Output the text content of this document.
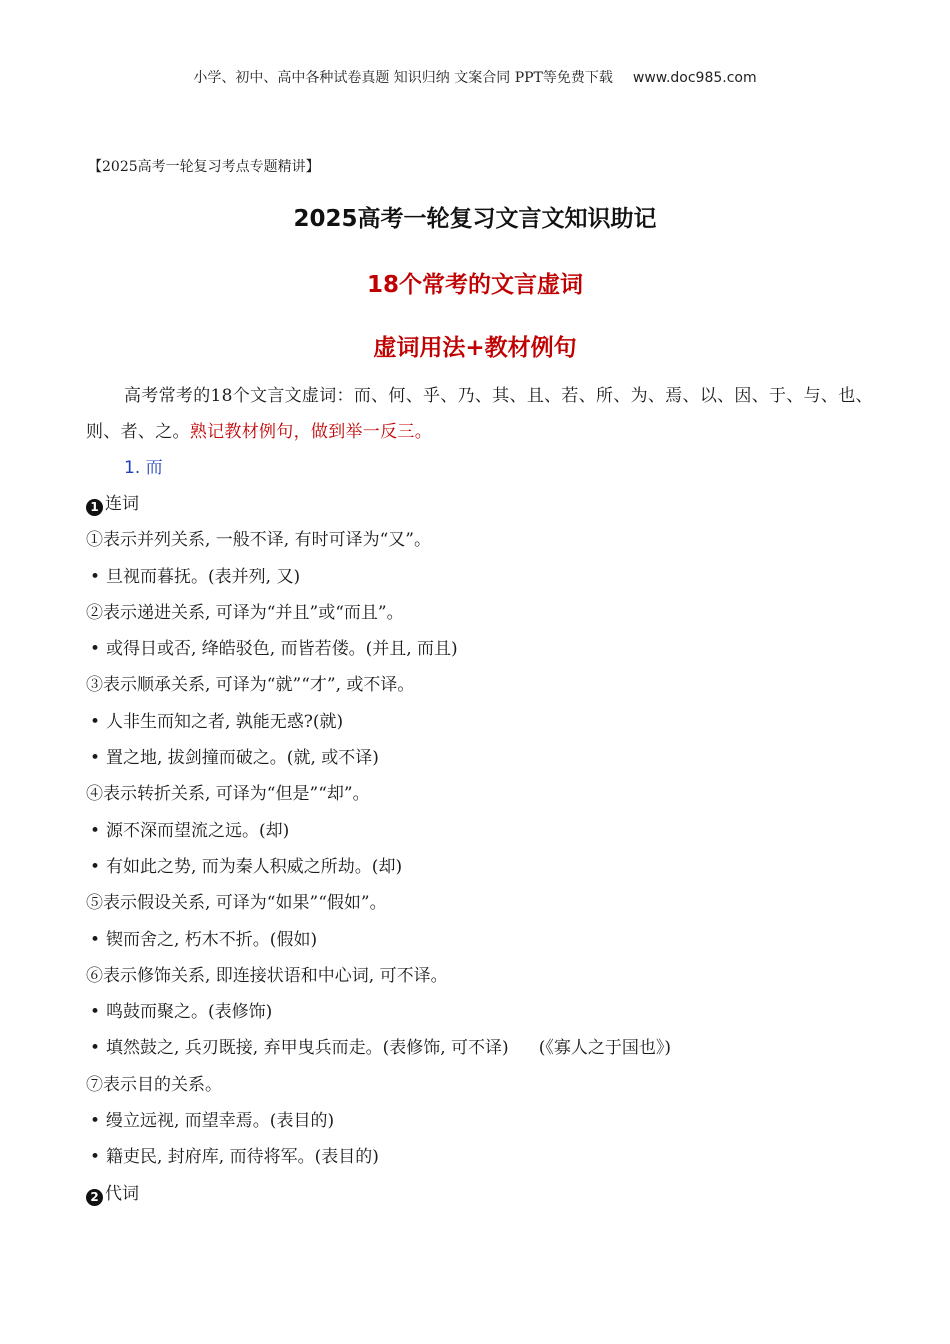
小学、初中、高中各种试卷真题 知识归纳 文案合同 PPT等免费下载 www.doc985.com
【2025高考一轮复习考点专题精讲】
2025高考一轮复习文言文知识助记
18个常考的文言虚词
虚词用法+教材例句

高考常考的18个文言文虚词：而、何、乎、乃、其、且、若、所、为、焉、以、因、于、与、也、则、者、之。熟记教材例句，做到举一反三。

1. 而
1 连词
①表示并列关系, 一般不译, 有时可译为“又”。
• 旦视而暮抚。(表并列, 又)
②表示递进关系, 可译为“并且”或“而且”。
• 或得日或否, 绛皓驳色, 而皆若偻。(并且, 而且)
③表示顺承关系, 可译为“就”“才”, 或不译。
• 人非生而知之者, 孰能无惑?(就)
• 置之地, 拔剑撞而破之。(就, 或不译)
④表示转折关系, 可译为“但是”“却”。
• 源不深而望流之远。(却)
• 有如此之势, 而为秦人积威之所劫。(却)
⑤表示假设关系, 可译为“如果”“假如”。
• 锲而舍之, 朽木不折。(假如)
⑥表示修饰关系, 即连接状语和中心词, 可不译。
• 鸣鼓而聚之。(表修饰)
• 填然鼓之, 兵刃既接, 弃甲曳兵而走。(表修饰, 可不译) (《寡人之于国也》)
⑦表示目的关系。
• 缦立远视, 而望幸焉。(表目的)
• 籍吏民, 封府库, 而待将军。(表目的)
2 代词
